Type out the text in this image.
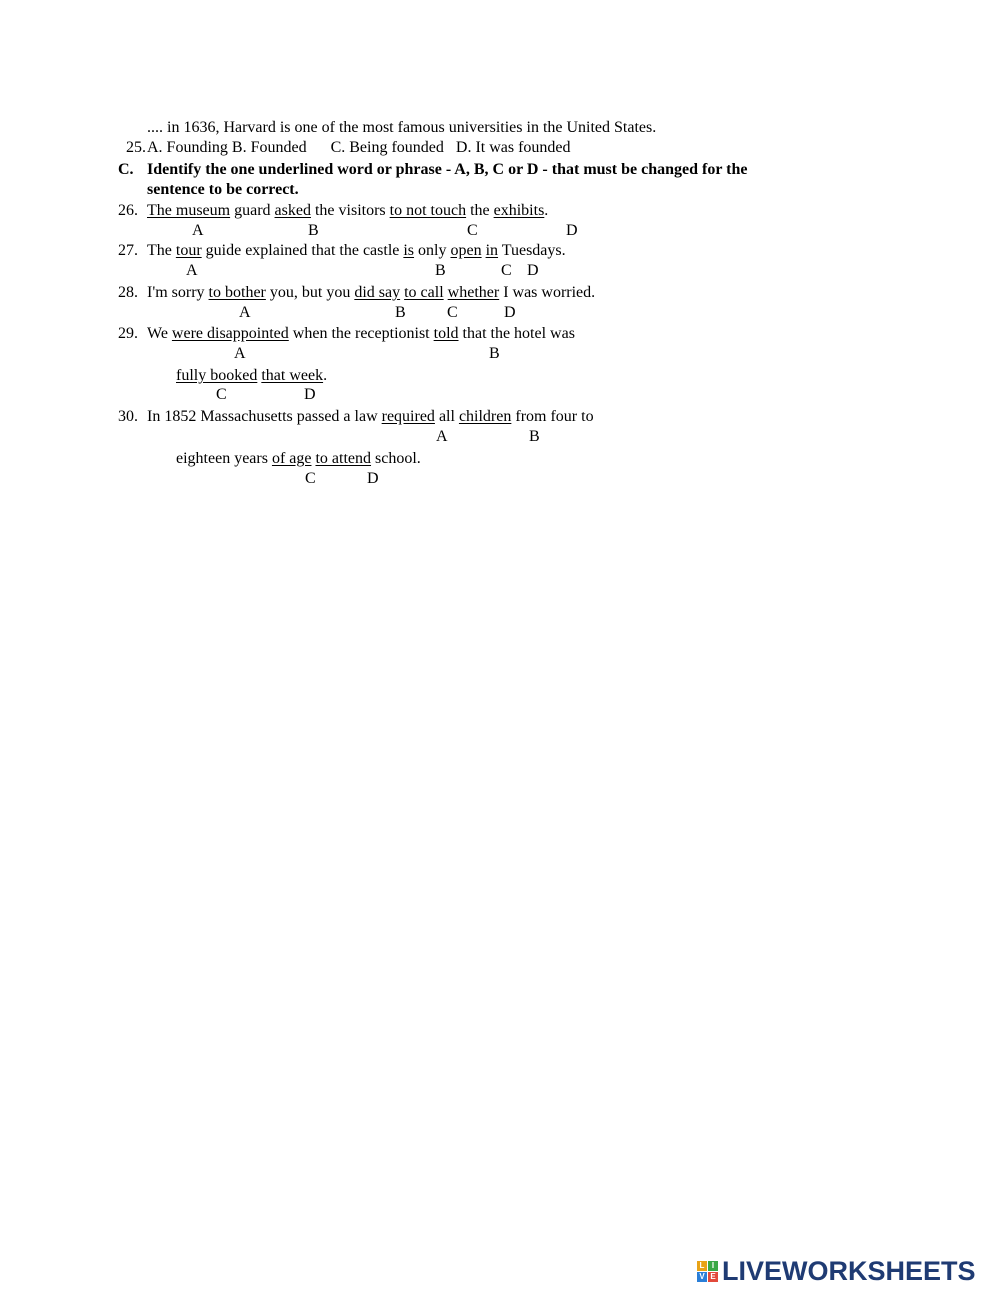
25.

.... in 1636, Harvard is one of the most famous universities in the United States.
A. Founding B. Founded      C. Being founded   D. It was founded
C. Identify the one underlined word or phrase - A, B, C or D - that must be changed for the
sentence to be correct.
26. The museum guard asked the visitors to not touch the exhibits.
A	B	C	D
27. The tour guide explained that the castle is only open in Tuesdays.
A	B	C D
28. I'm sorry to bother you, but you did say to call whether I was worried.
A	B	C	D
29. We were disappointed when the receptionist told that the hotel was
A	B
fully booked that week.
C	D
30. In 1852 Massachusetts passed a law required all children from four to
A	B
eighteen years of age to attend school.
C	D
L I
V E LIVEWORKSHEETS
